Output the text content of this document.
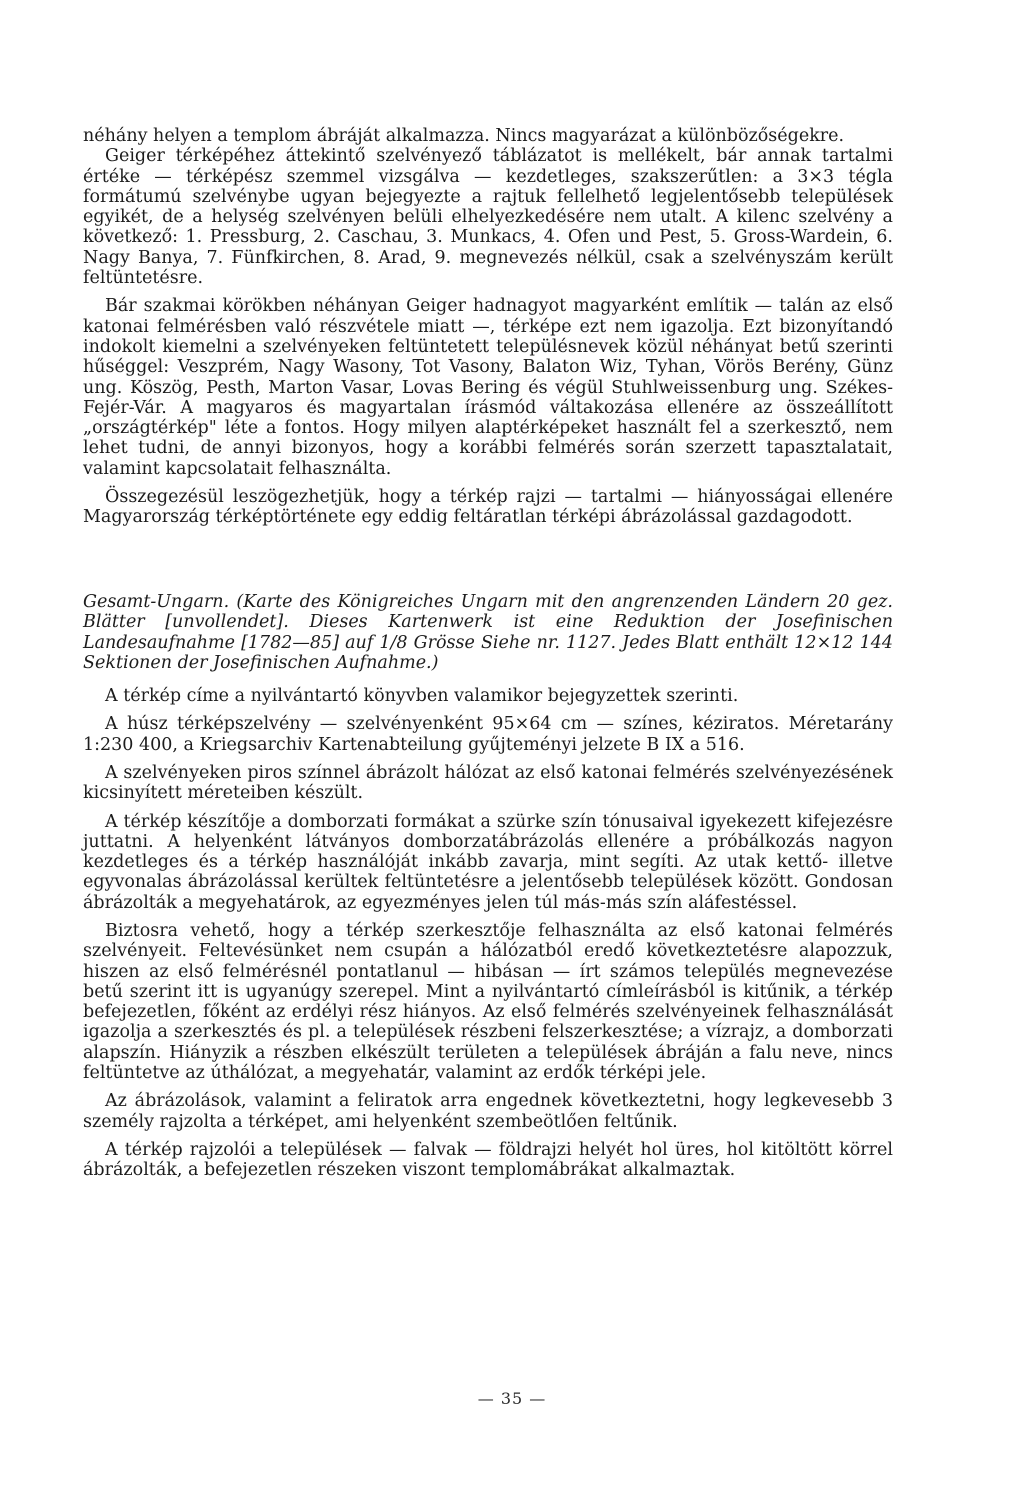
néhány helyen a templom ábráját alkalmazza. Nincs magyarázat a különbözőségekre.

Geiger térképéhez áttekintő szelvényező táblázatot is mellékelt, bár annak tartalmi értéke — térképész szemmel vizsgálva — kezdetleges, szakszerűtlen: a 3×3 tégla formátumú szelvénybe ugyan bejegyezte a rajtuk fellelhető legjelentősebb települések egyikét, de a helység szelvényen belüli elhelyezkedésére nem utalt. A kilenc szelvény a következő: 1. Pressburg, 2. Caschau, 3. Munkacs, 4. Ofen und Pest, 5. Gross-Wardein, 6. Nagy Banya, 7. Fünfkirchen, 8. Arad, 9. megnevezés nélkül, csak a szelvényszám került feltüntetésre.

Bár szakmai körökben néhányan Geiger hadnagyot magyarként említik — talán az első katonai felmérésben való részvétele miatt —, térképe ezt nem igazolja. Ezt bizonyítandó indokolt kiemelni a szelvényeken feltüntetett településnevek közül néhányat betű szerinti hűséggel: Veszprém, Nagy Wasony, Tot Vasony, Balaton Wiz, Tyhan, Vörös Berény, Günz ung. Köszög, Pesth, Marton Vasar, Lovas Bering és végül Stuhlweissenburg ung. Székes-Fejér-Vár. A magyaros és magyartalan írásmód váltakozása ellenére az összeállított „országtérkép" léte a fontos. Hogy milyen alaptérképeket használt fel a szerkesztő, nem lehet tudni, de annyi bizonyos, hogy a korábbi felmérés során szerzett tapasztalatait, valamint kapcsolatait felhasználta.

Összegezésül leszögezhetjük, hogy a térkép rajzi — tartalmi — hiányosságai ellenére Magyarország térképtörténete egy eddig feltáratlan térképi ábrázolással gazdagodott.

Gesamt-Ungarn. (Karte des Königreiches Ungarn mit den angrenzenden Ländern 20 gez. Blätter [unvollendet]. Dieses Kartenwerk ist eine Reduktion der Josefinischen Landesaufnahme [1782—85] auf 1/8 Grösse Siehe nr. 1127. Jedes Blatt enthält 12×12 144 Sektionen der Josefinischen Aufnahme.)

A térkép címe a nyilvántartó könyvben valamikor bejegyzettek szerinti.

A húsz térképszelvény — szelvényenként 95×64 cm — színes, kéziratos. Méretarány 1:230 400, a Kriegsarchiv Kartenabteilung gyűjteményi jelzete B IX a 516.

A szelvényeken piros színnel ábrázolt hálózat az első katonai felmérés szelvényezésének kicsinyített méreteiben készült.

A térkép készítője a domborzati formákat a szürke szín tónusaival igyekezett kifejezésre juttatni. A helyenként látványos domborzatábrázolás ellenére a próbálkozás nagyon kezdetleges és a térkép használóját inkább zavarja, mint segíti. Az utak kettő- illetve egyvonalas ábrázolással kerültek feltüntetésre a jelentősebb települések között. Gondosan ábrázolták a megyehatárok, az egyezményes jelen túl más-más szín aláfestéssel.

Biztosra vehető, hogy a térkép szerkesztője felhasználta az első katonai felmérés szelvényeit. Feltevésünket nem csupán a hálózatból eredő következtetésre alapozzuk, hiszen az első felmérésnél pontatlanul — hibásan — írt számos település megnevezése betű szerint itt is ugyanúgy szerepel. Mint a nyilvántartó címleírásból is kitűnik, a térkép befejezetlen, főként az erdélyi rész hiányos. Az első felmérés szelvényeinek felhasználását igazolja a szerkesztés és pl. a települések részbeni felszerkesztése; a vízrajz, a domborzati alapszín. Hiányzik a részben elkészült területen a települések ábráján a falu neve, nincs feltüntetve az úthálózat, a megyehatár, valamint az erdők térképi jele.

Az ábrázolások, valamint a feliratok arra engednek következtetni, hogy legkevesebb 3 személy rajzolta a térképet, ami helyenként szembeötlően feltűnik.

A térkép rajzolói a települések — falvak — földrajzi helyét hol üres, hol kitöltött körrel ábrázolták, a befejezetlen részeken viszont templomábrákat alkalmaztak.

— 35 —
